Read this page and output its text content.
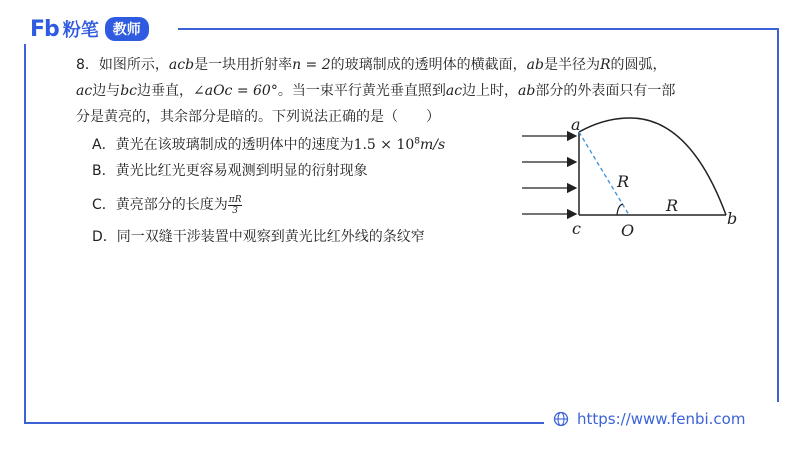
Fb 粉笔	教师
8．如图所示，acb是一块用折射率n = 2的玻璃制成的透明体的横截面，ab是半径为R的圆弧，
ac边与bc边垂直，∠aOc = 60°。当一束平行黄光垂直照到ac边上时，ab部分的外表面只有一部
分是黄亮的，其余部分是暗的。下列说法正确的是（　　）
A．黄光在该玻璃制成的透明体中的速度为$1.5 \times 10^8m/s$
B．黄光比红光更容易观测到明显的衍射现象
C．黄亮部分的长度为 $\frac{\pi R}{3}$
D．同一双缝干涉装置中观察到黄光比红外线的条纹窄
a
b
c	O
R
R
https://www.fenbi.com
